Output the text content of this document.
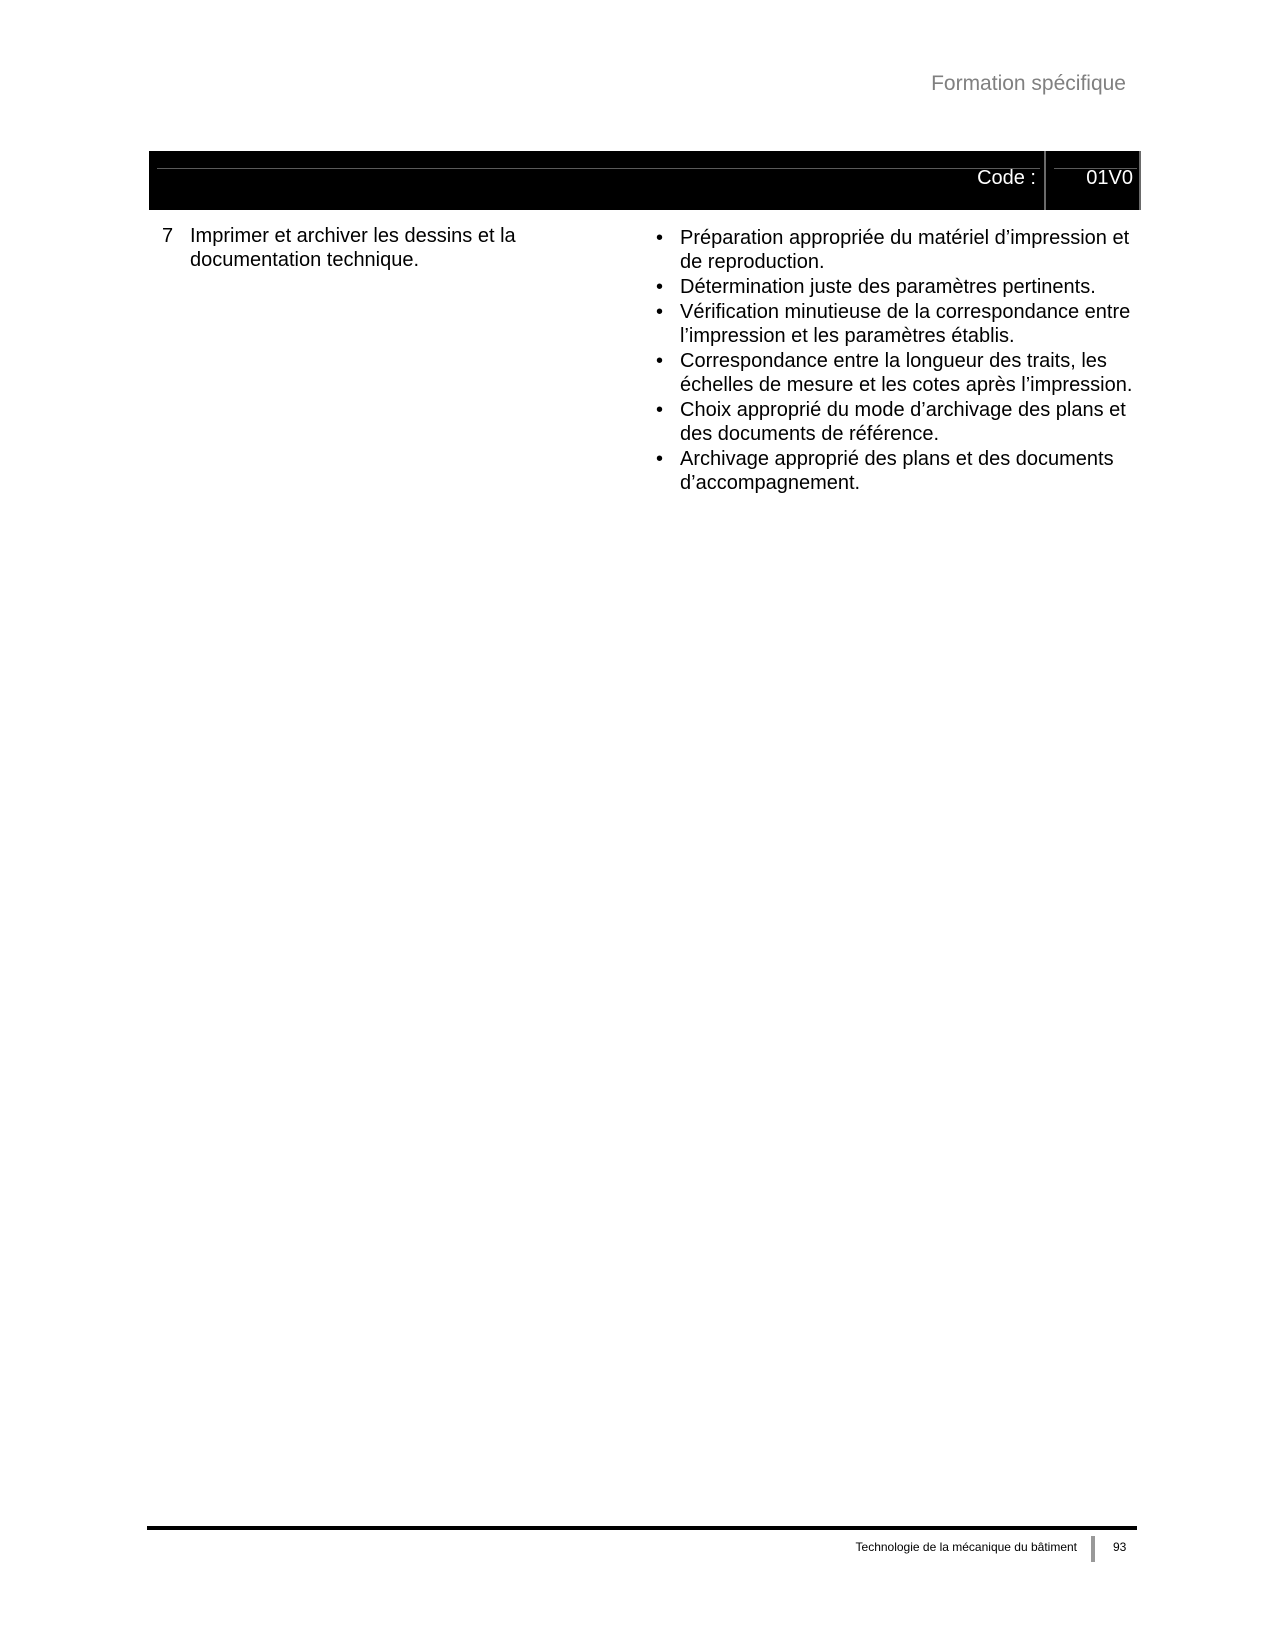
Formation spécifique
Code :	01V0
7 Imprimer et archiver les dessins et la documentation technique.
• Préparation appropriée du matériel d’impression et de reproduction.
• Détermination juste des paramètres pertinents.
• Vérification minutieuse de la correspondance entre l’impression et les paramètres établis.
• Correspondance entre la longueur des traits, les échelles de mesure et les cotes après l’impression.
• Choix approprié du mode d’archivage des plans et des documents de référence.
• Archivage approprié des plans et des documents d’accompagnement.
Technologie de la mécanique du bâtiment	93
